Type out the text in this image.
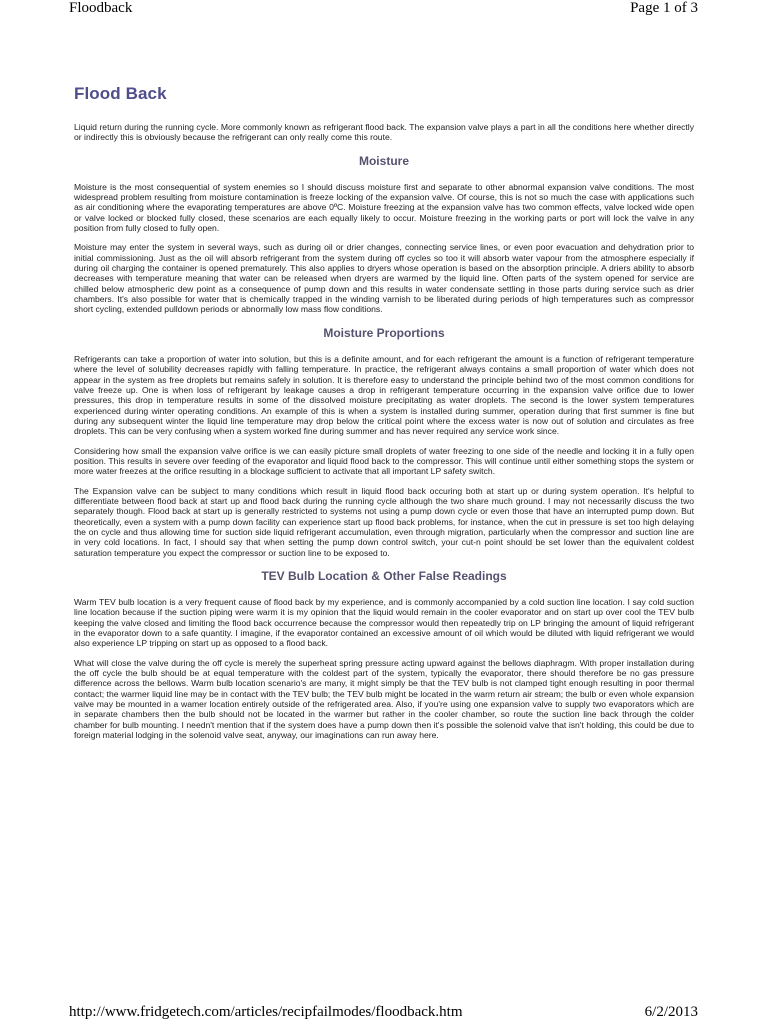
Floodback	Page 1 of 3
Flood Back

Liquid return during the running cycle. More commonly known as refrigerant flood back. The expansion valve plays a part in all the conditions here whether directly or indirectly this is obviously because the refrigerant can only really come this route.

Moisture

Moisture is the most consequential of system enemies so I should discuss moisture first and separate to other abnormal expansion valve conditions. The most widespread problem resulting from moisture contamination is freeze locking of the expansion valve. Of course, this is not so much the case with applications such as air conditioning where the evaporating temperatures are above 0ºC. Moisture freezing at the expansion valve has two common effects, valve locked wide open or valve locked or blocked fully closed, these scenarios are each equally likely to occur. Moisture freezing in the working parts or port will lock the valve in any position from fully closed to fully open.

Moisture may enter the system in several ways, such as during oil or drier changes, connecting service lines, or even poor evacuation and dehydration prior to initial commissioning. Just as the oil will absorb refrigerant from the system during off cycles so too it will absorb water vapour from the atmosphere especially if during oil charging the container is opened prematurely. This also applies to dryers whose operation is based on the absorption principle. A driers ability to absorb decreases with temperature meaning that water can be released when dryers are warmed by the liquid line. Often parts of the system opened for service are chilled below atmospheric dew point as a consequence of pump down and this results in water condensate settling in those parts during service such as drier chambers. It's also possible for water that is chemically trapped in the winding varnish to be liberated during periods of high temperatures such as compressor short cycling, extended pulldown periods or abnormally low mass flow conditions.

Moisture Proportions

Refrigerants can take a proportion of water into solution, but this is a definite amount, and for each refrigerant the amount is a function of refrigerant temperature where the level of solubility decreases rapidly with falling temperature. In practice, the refrigerant always contains a small proportion of water which does not appear in the system as free droplets but remains safely in solution. It is therefore easy to understand the principle behind two of the most common conditions for valve freeze up. One is when loss of refrigerant by leakage causes a drop in refrigerant temperature occurring in the expansion valve orifice due to lower pressures, this drop in temperature results in some of the dissolved moisture precipitating as water droplets. The second is the lower system temperatures experienced during winter operating conditions. An example of this is when a system is installed during summer, operation during that first summer is fine but during any subsequent winter the liquid line temperature may drop below the critical point where the excess water is now out of solution and circulates as free droplets. This can be very confusing when a system worked fine during summer and has never required any service work since.

Considering how small the expansion valve orifice is we can easily picture small droplets of water freezing to one side of the needle and locking it in a fully open position. This results in severe over feeding of the evaporator and liquid flood back to the compressor. This will continue until either something stops the system or more water freezes at the orifice resulting in a blockage sufficient to activate that all important LP safety switch.

The Expansion valve can be subject to many conditions which result in liquid flood back occuring both at start up or during system operation. It's helpful to differentiate between flood back at start up and flood back during the running cycle although the two share much ground. I may not necessarily discuss the two separately though. Flood back at start up is generally restricted to systems not using a pump down cycle or even those that have an interrupted pump down. But theoretically, even a system with a pump down facility can experience start up flood back problems, for instance, when the cut in pressure is set too high delaying the on cycle and thus allowing time for suction side liquid refrigerant accumulation, even through migration, particularly when the compressor and suction line are in very cold locations. In fact, I should say that when setting the pump down control switch, your cut-n point should be set lower than the equivalent coldest saturation temperature you expect the compressor or suction line to be exposed to.

TEV Bulb Location & Other False Readings

Warm TEV bulb location is a very frequent cause of flood back by my experience, and is commonly accompanied by a cold suction line location. I say cold suction line location because if the suction piping were warm it is my opinion that the liquid would remain in the cooler evaporator and on start up over cool the TEV bulb keeping the valve closed and limiting the flood back occurrence because the compressor would then repeatedly trip on LP bringing the amount of liquid refrigerant in the evaporator down to a safe quantity. I imagine, if the evaporator contained an excessive amount of oil which would be diluted with liquid refrigerant we would also experience LP tripping on start up as opposed to a flood back.

What will close the valve during the off cycle is merely the superheat spring pressure acting upward against the bellows diaphragm. With proper installation during the off cycle the bulb should be at equal temperature with the coldest part of the system, typically the evaporator, there should therefore be no gas pressure difference across the bellows. Warm bulb location scenario's are many, it might simply be that the TEV bulb is not clamped tight enough resulting in poor thermal contact; the warmer liquid line may be in contact with the TEV bulb; the TEV bulb might be located in the warm return air stream; the bulb or even whole expansion valve may be mounted in a wamer location entirely outside of the refrigerated area. Also, if you're using one expansion valve to supply two evaporators which are in separate chambers then the bulb should not be located in the warmer but rather in the cooler chamber, so route the suction line back through the colder chamber for bulb mounting. I needn't mention that if the system does have a pump down then it's possible the solenoid valve that isn't holding, this could be due to foreign material lodging in the solenoid valve seat, anyway, our imaginations can run away here.

http://www.fridgetech.com/articles/recipfailmodes/floodback.htm	6/2/2013
